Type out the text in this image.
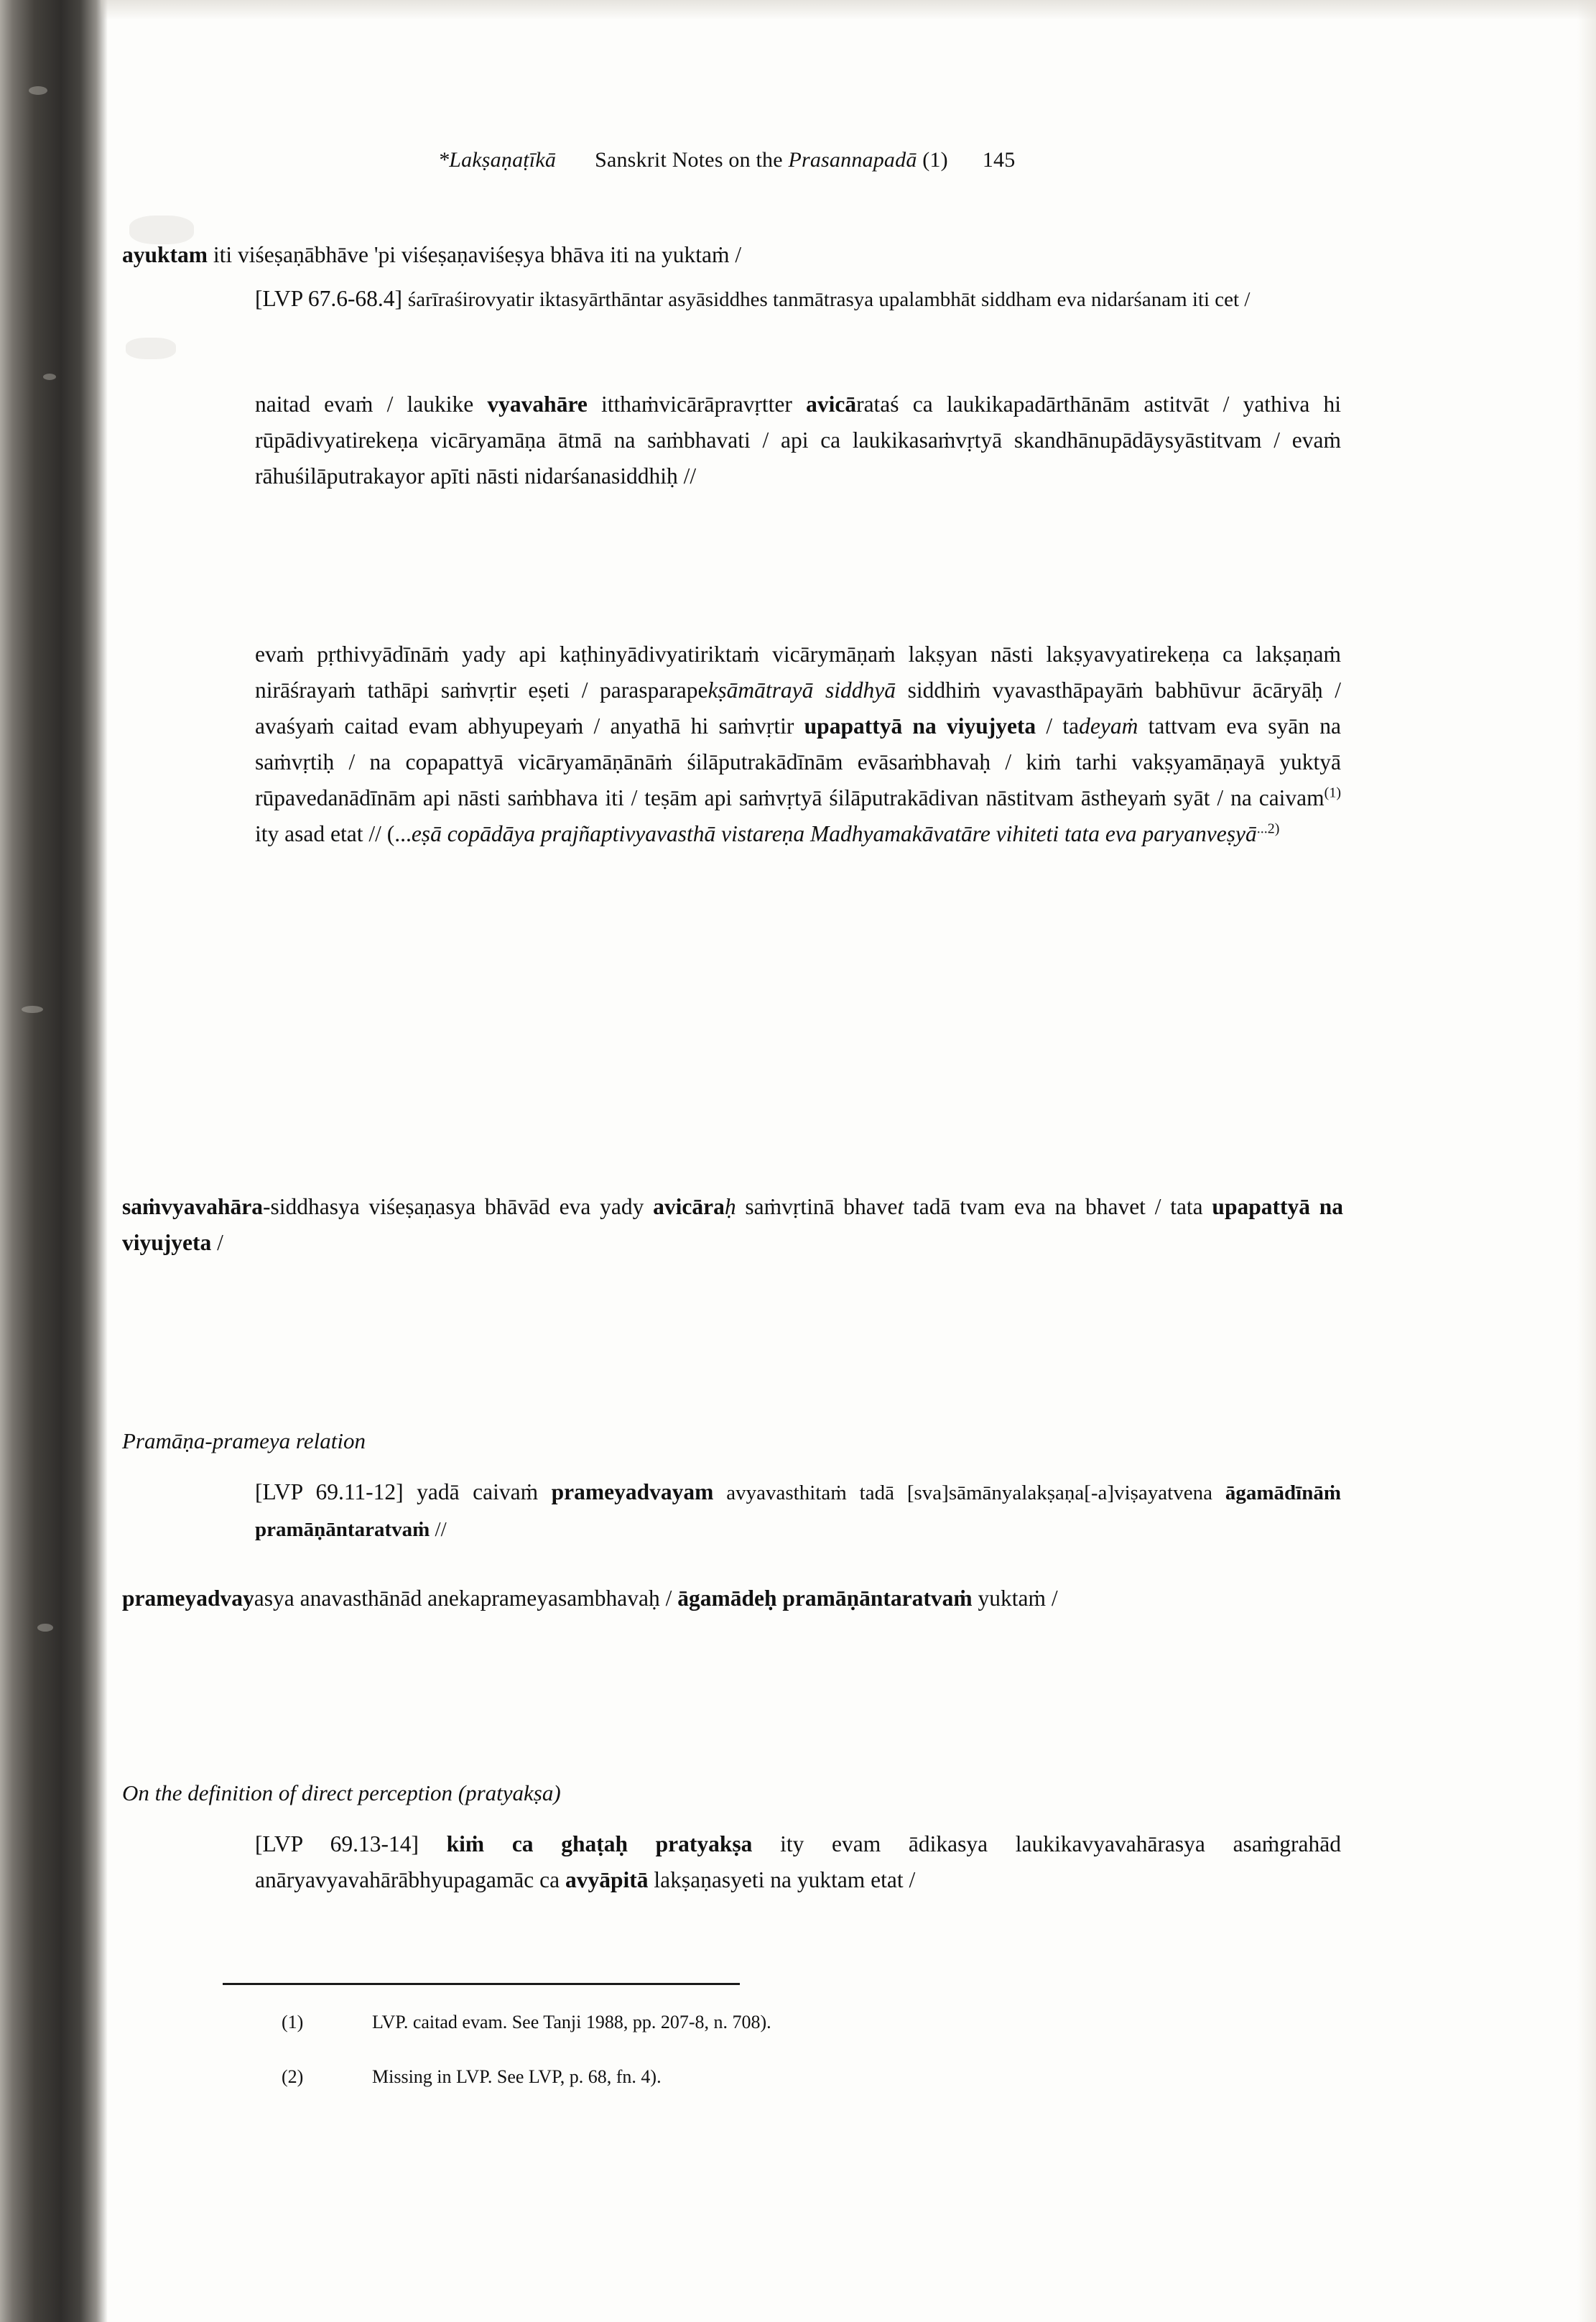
*Lakṣaṇaṭīkā Sanskrit Notes on the Prasannapadā (1) 145
ayuktam iti viśeṣaṇābhāve 'pi viśeṣaṇaviśeṣya bhāva iti na yuktaṁ /
[LVP 67.6-68.4] śarīraśirovyatir iktasyārthāntar asyāsiddhes tanmātrasya upalambhāt siddham eva nidarśanam iti cet /
naitad evaṁ / laukike vyavahāre itthaṁvicārāpravṛtter avicārataś ca laukikapadārthānām astitvāt / yathiva hi rūpādivyatirekeṇa vicāryamāṇa ātmā na saṁbhavati / api ca laukikasaṁvṛtyā skandhānupādāysyāstitvam / evaṁ rāhuśilāputrakayor apīti nāsti nidarśanasiddhiḥ //
evaṁ pṛthivyādīnāṁ yady api kaṭhinyādivyatiriktaṁ vicārymāṇaṁ lakṣyan nāsti lakṣyavyatirekeṇa ca lakṣaṇaṁ nirāśrayaṁ tathāpi saṁvṛtir eṣeti / parasparapekṣāmātrayā siddhyā siddhiṁ vyavasthāpayāṁ babhūvur ācāryāḥ / avaśyaṁ caitad evam abhyupeyaṁ / anyathā hi saṁvṛtir upapattyā na viyujyeta / tadeyaṁ tattvam eva syān na saṁvṛtiḥ / na copapattyā vicāryamāṇānāṁ śilāputrakādīnām evāsaṁbhavaḥ / kiṁ tarhi vakṣyamāṇayā yuktyā rūpavedanādīnām api nāsti saṁbhava iti / teṣām api saṁvṛtyā śilāputrakādivan nāstitvam āstheyaṁ syāt / na caivam$^{(1)}$ ity asad etat // (...eṣā copādāya prajñaptivyavasthā vistareṇa Madhyamakāvatāre vihiteti tata eva paryanveṣyā$^{...2)}$
saṁvyavahāra-siddhasya viśeṣaṇasya bhāvād eva yady avicāraḥ saṁvṛtinā bhavet tadā tvam eva na bhavet / tata upapattyā na viyujyeta /
Pramāṇa-prameya relation
[LVP 69.11-12] yadā caivaṁ prameyadvayam avyavasthitaṁ tadā [sva]sāmānyalakṣaṇa[-a]viṣayatvena āgamādīnāṁ pramāṇāntaratvaṁ //
prameyadvayasya anavasthānād anekaprameyasambhavaḥ / āgamādeḥ pramāṇāntaratvaṁ yuktaṁ /
On the definition of direct perception (pratyakṣa)
[LVP 69.13-14] kiṁ ca ghaṭaḥ pratyakṣa ity evam ādikasya laukikavyavahārasya asaṁgrahād anāryavyavahārābhyupagamāc ca avyāpitā lakṣaṇasyeti na yuktam etat /
(1)	LVP. caitad evam. See Tanji 1988, pp. 207-8, n. 708).
(2)	Missing in LVP. See LVP, p. 68, fn. 4).
